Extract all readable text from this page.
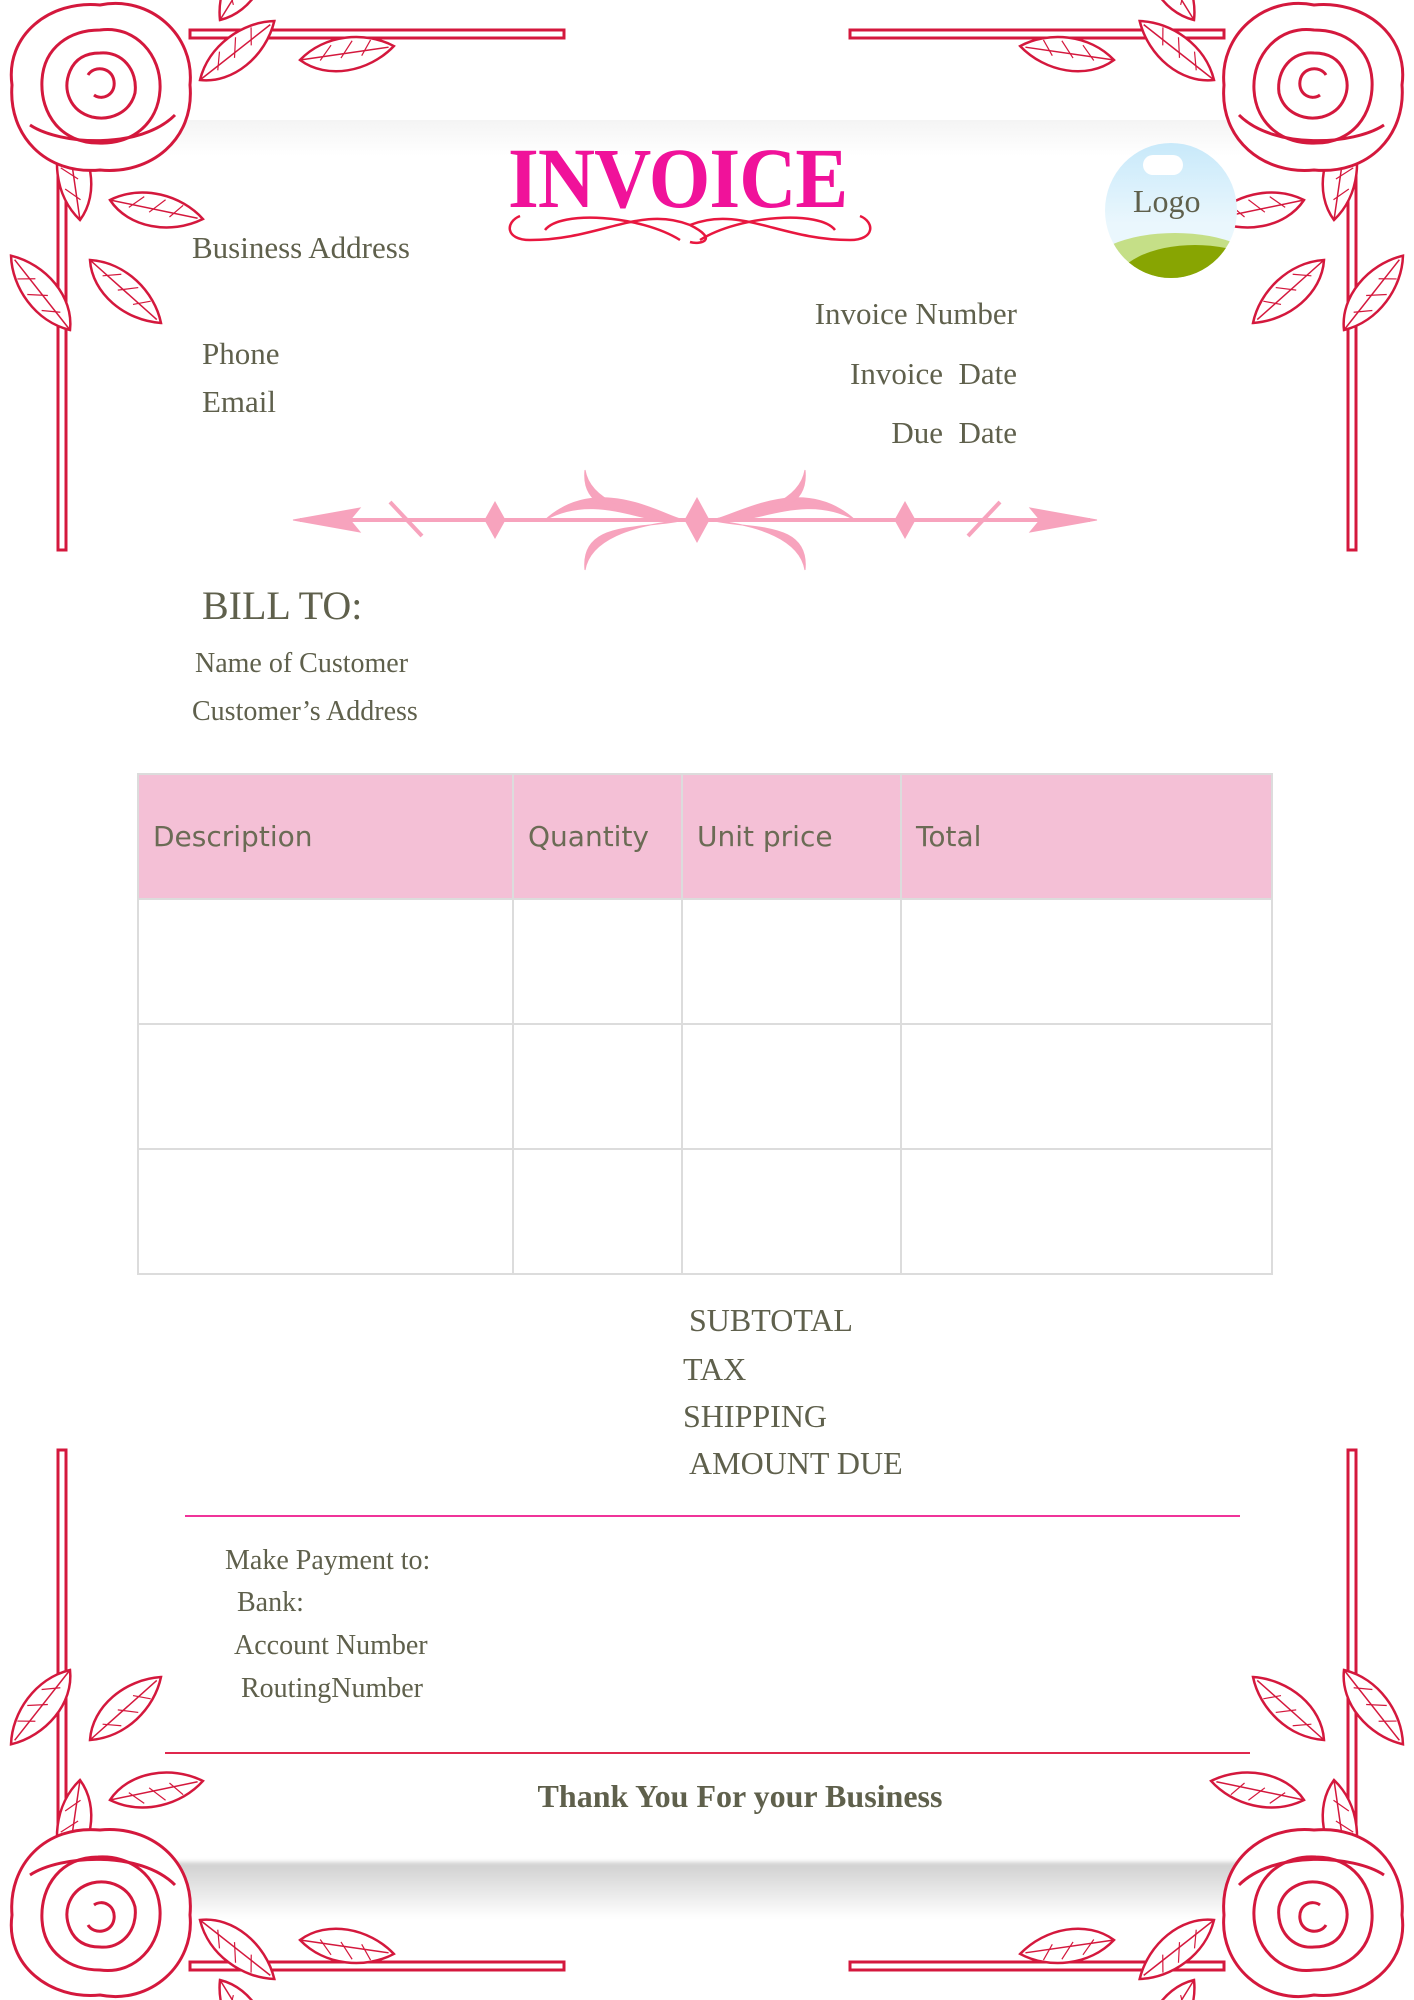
INVOICE	Logo
Business Address
Phone
Email
Invoice Number
Invoice  Date
Due  Date
BILL TO:
Name of Customer
Customer’s Address
Description	Quantity	Unit price	Total

SUBTOTAL
TAX
SHIPPING
AMOUNT DUE
Make Payment to:
Bank:
Account Number
RoutingNumber
Thank You For your Business
